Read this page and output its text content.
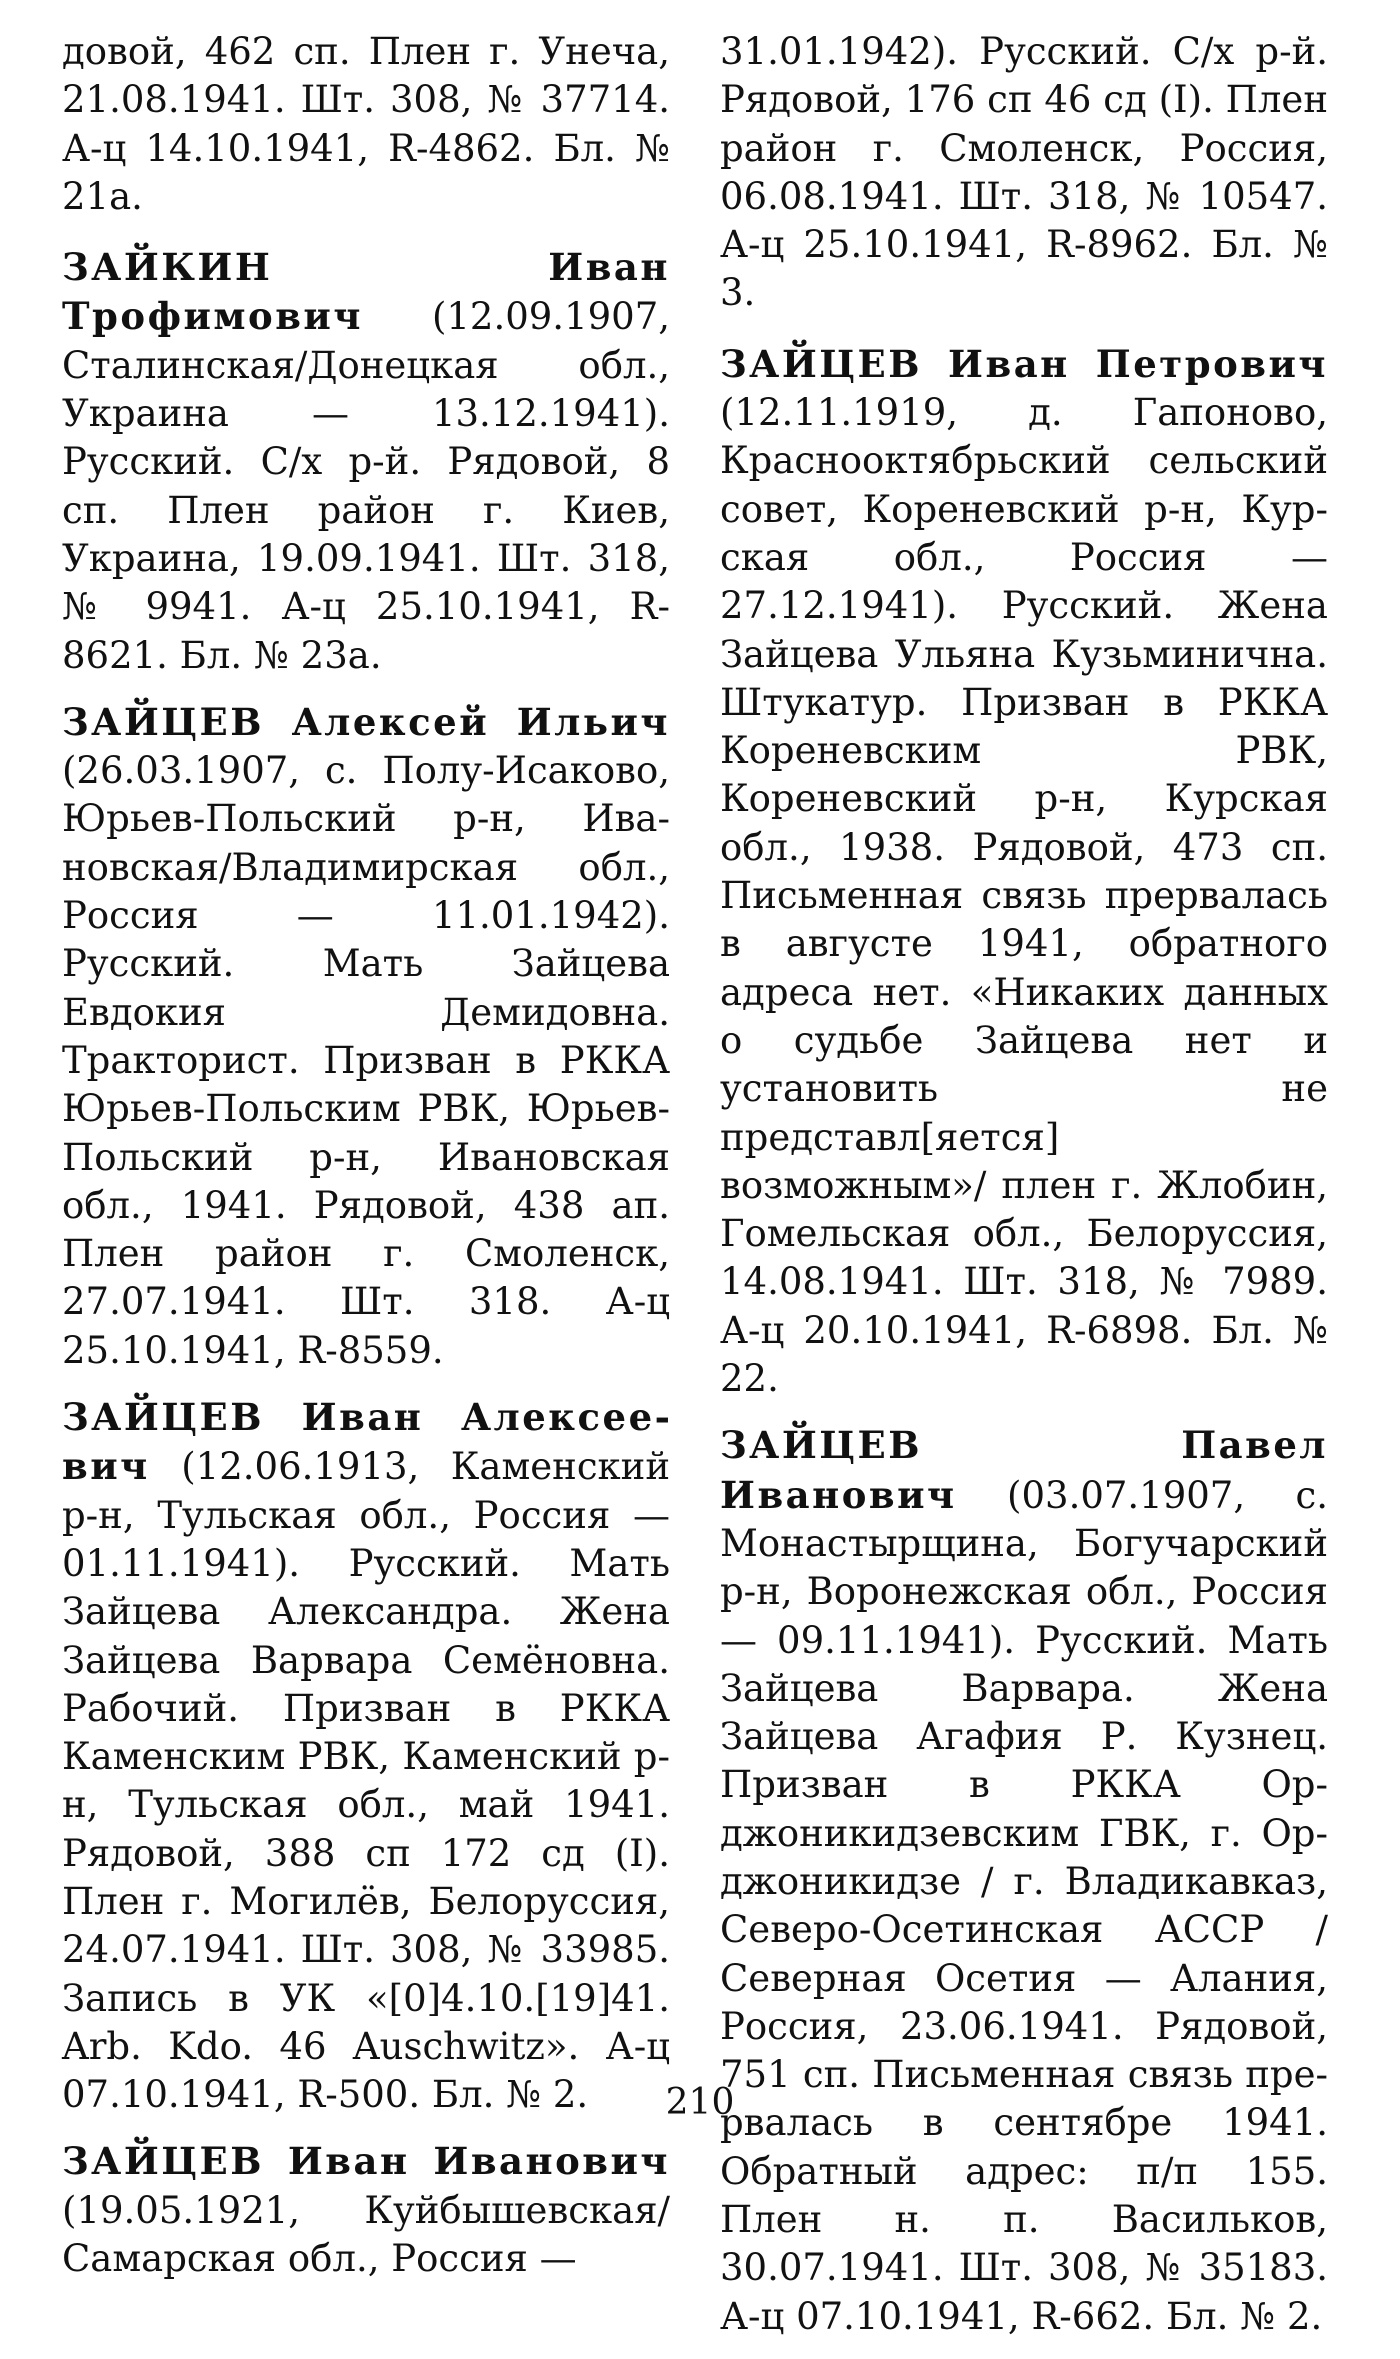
довой, 462 сп. Плен г. Унеча, 21.08.1941. Шт. 308, № 37714. А-ц 14.10.1941, R-4862. Бл. № 21а.

ЗАЙКИН Иван Трофимович (12.09.1907, Сталинская/Донецкая обл., Украина — 13.12.1941). Русский. С/х р-й. Рядовой, 8 сп. Плен район г. Киев, Украина, 19.09.1941. Шт. 318, № 9941. А-ц 25.10.1941, R-8621. Бл. № 23а.

ЗАЙЦЕВ Алексей Ильич (26.03.1907, с. Полу-Исаково, Юрьев-Польский р-н, Ивановская/Владимирская обл., Россия — 11.01.1942). Русский. Мать Зайцева Евдокия Демидовна. Тракторист. Призван в РККА Юрьев-Польским РВК, Юрьев-Польский р-н, Ивановская обл., 1941. Рядовой, 438 ап. Плен район г. Смоленск, 27.07.1941. Шт. 318. А-ц 25.10.1941, R-8559.

ЗАЙЦЕВ Иван Алексеевич (12.06.1913, Каменский р-н, Тульская обл., Россия — 01.11.1941). Русский. Мать Зайцева Александра. Жена Зайцева Варвара Семёновна. Рабочий. Призван в РККА Каменским РВК, Каменский р-н, Тульская обл., май 1941. Рядовой, 388 сп 172 сд (I). Плен г. Могилёв, Белоруссия, 24.07.1941. Шт. 308, № 33985. Запись в УК «[0]4.10.[19]41. Arb. Kdo. 46 Auschwitz». А-ц 07.10.1941, R-500. Бл. № 2.

ЗАЙЦЕВ Иван Иванович (19.05.1921, Куйбышевская/ Самарская обл., Россия —

31.01.1942). Русский. С/х р-й. Рядовой, 176 сп 46 сд (I). Плен район г. Смоленск, Россия, 06.08.1941. Шт. 318, № 10547. А-ц 25.10.1941, R-8962. Бл. № 3.

ЗАЙЦЕВ Иван Петрович (12.11.1919, д. Гапоново, Краснооктябрьский сельский совет, Кореневский р-н, Курская обл., Россия — 27.12.1941). Русский. Жена Зайцева Ульяна Кузьминична. Штукатур. Призван в РККА Кореневским РВК, Кореневский р-н, Курская обл., 1938. Рядовой, 473 сп. Письменная связь прервалась в августе 1941, обратного адреса нет. «Никаких данных о судьбе Зайцева нет и установить не представл[яется] возможным»/ плен г. Жлобин, Гомельская обл., Белоруссия, 14.08.1941. Шт. 318, № 7989. А-ц 20.10.1941, R-6898. Бл. № 22.

ЗАЙЦЕВ Павел Иванович (03.07.1907, с. Монастырщина, Богучарский р-н, Воронежская обл., Россия — 09.11.1941). Русский. Мать Зайцева Варвара. Жена Зайцева Агафия Р. Кузнец. Призван в РККА Орджоникидзевским ГВК, г. Орджоникидзе / г. Владикавказ, Северо-Осетинская АССР / Северная Осетия — Алания, Россия, 23.06.1941. Рядовой, 751 сп. Письменная связь прервалась в сентябре 1941. Обратный адрес: п/п 155. Плен н. п. Васильков, 30.07.1941. Шт. 308, № 35183. А-ц 07.10.1941, R-662. Бл. № 2.

210
